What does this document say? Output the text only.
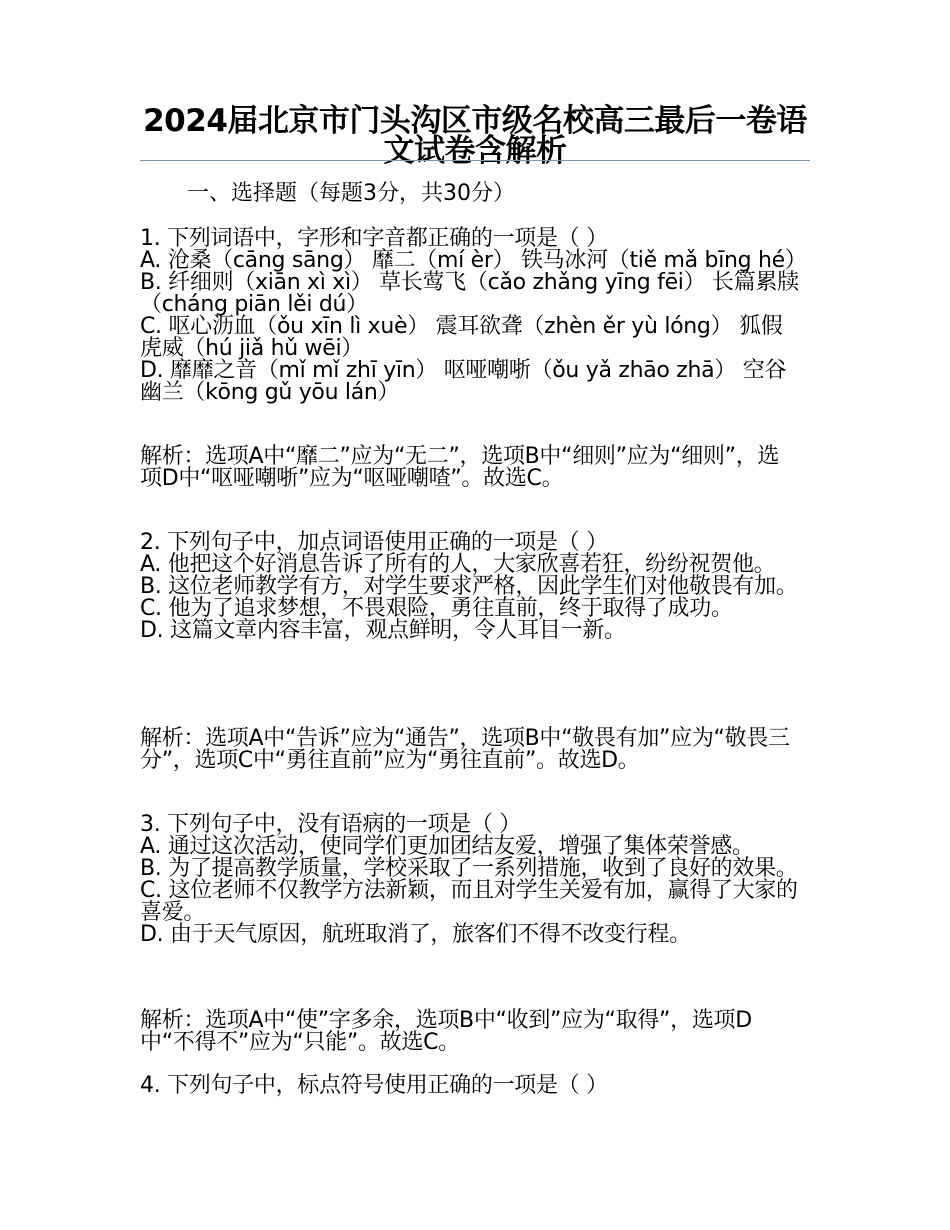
2024届北京市门头沟区市级名校高三最后一卷语文试卷含解析
一、选择题（每题3分，共30分）

1. 下列词语中，字形和字音都正确的一项是（ ）

A. 沧桑（cāng sāng） 靡二（mí èr） 铁马冰河（tiě mǎ bīng hé）

B. 纤细则（xiān xì xì） 草长莺飞（cǎo zhǎng yīng fēi） 长篇累牍（cháng piān lěi dú）

C. 呕心沥血（ǒu xīn lì xuè） 震耳欲聋（zhèn ěr yù lóng） 狐假虎威（hú jiǎ hǔ wēi）

D. 靡靡之音（mǐ mǐ zhī yīn） 呕哑嘲哳（ǒu yǎ zhāo zhā） 空谷幽兰（kōng gǔ yōu lán）

解析：选项A中“靡二”应为“无二”，选项B中“细则”应为“细则”，选项D中“呕哑嘲哳”应为“呕哑嘲喳”。故选C。

2. 下列句子中，加点词语使用正确的一项是（ ）

A. 他把这个好消息告诉了所有的人，大家欣喜若狂，纷纷祝贺他。

B. 这位老师教学有方，对学生要求严格，因此学生们对他敬畏有加。

C. 他为了追求梦想，不畏艰险，勇往直前，终于取得了成功。

D. 这篇文章内容丰富，观点鲜明，令人耳目一新。

解析：选项A中“告诉”应为“通告”，选项B中“敬畏有加”应为“敬畏三分”，选项C中“勇往直前”应为“勇往直前”。故选D。

3. 下列句子中，没有语病的一项是（ ）

A. 通过这次活动，使同学们更加团结友爱，增强了集体荣誉感。

B. 为了提高教学质量，学校采取了一系列措施，收到了良好的效果。

C. 这位老师不仅教学方法新颖，而且对学生关爱有加，赢得了大家的喜爱。

D. 由于天气原因，航班取消了，旅客们不得不改变行程。

解析：选项A中“使”字多余，选项B中“收到”应为“取得”，选项D中“不得不”应为“只能”。故选C。

4. 下列句子中，标点符号使用正确的一项是（ ）
